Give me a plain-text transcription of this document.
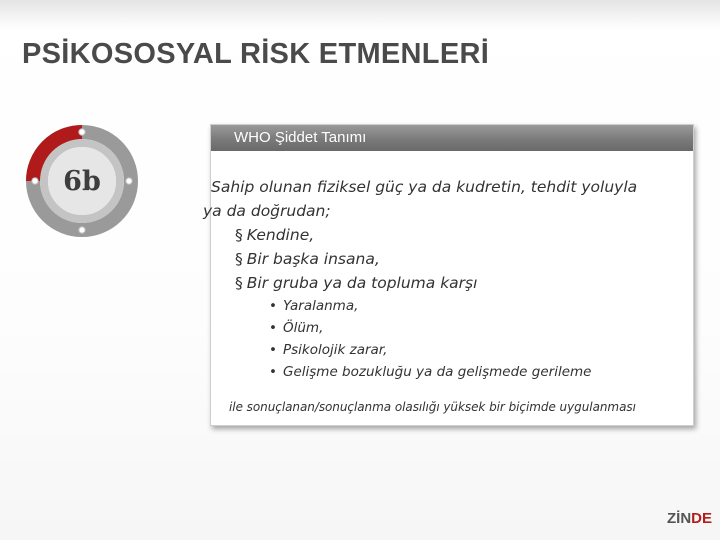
PSİKOSOSYAL RİSK ETMENLERİ
6b
WHO Şiddet Tanımı
Sahip olunan fiziksel güç ya da kudretin, tehdit yoluyla
ya da doğrudan;
§ Kendine,
§ Bir başka insana,
§ Bir gruba ya da topluma karşı
• Yaralanma,
• Ölüm,
• Psikolojik zarar,
• Gelişme bozukluğu ya da gelişmede gerileme
ile sonuçlanan/sonuçlanma olasılığı yüksek bir biçimde uygulanması
ZİNDE
